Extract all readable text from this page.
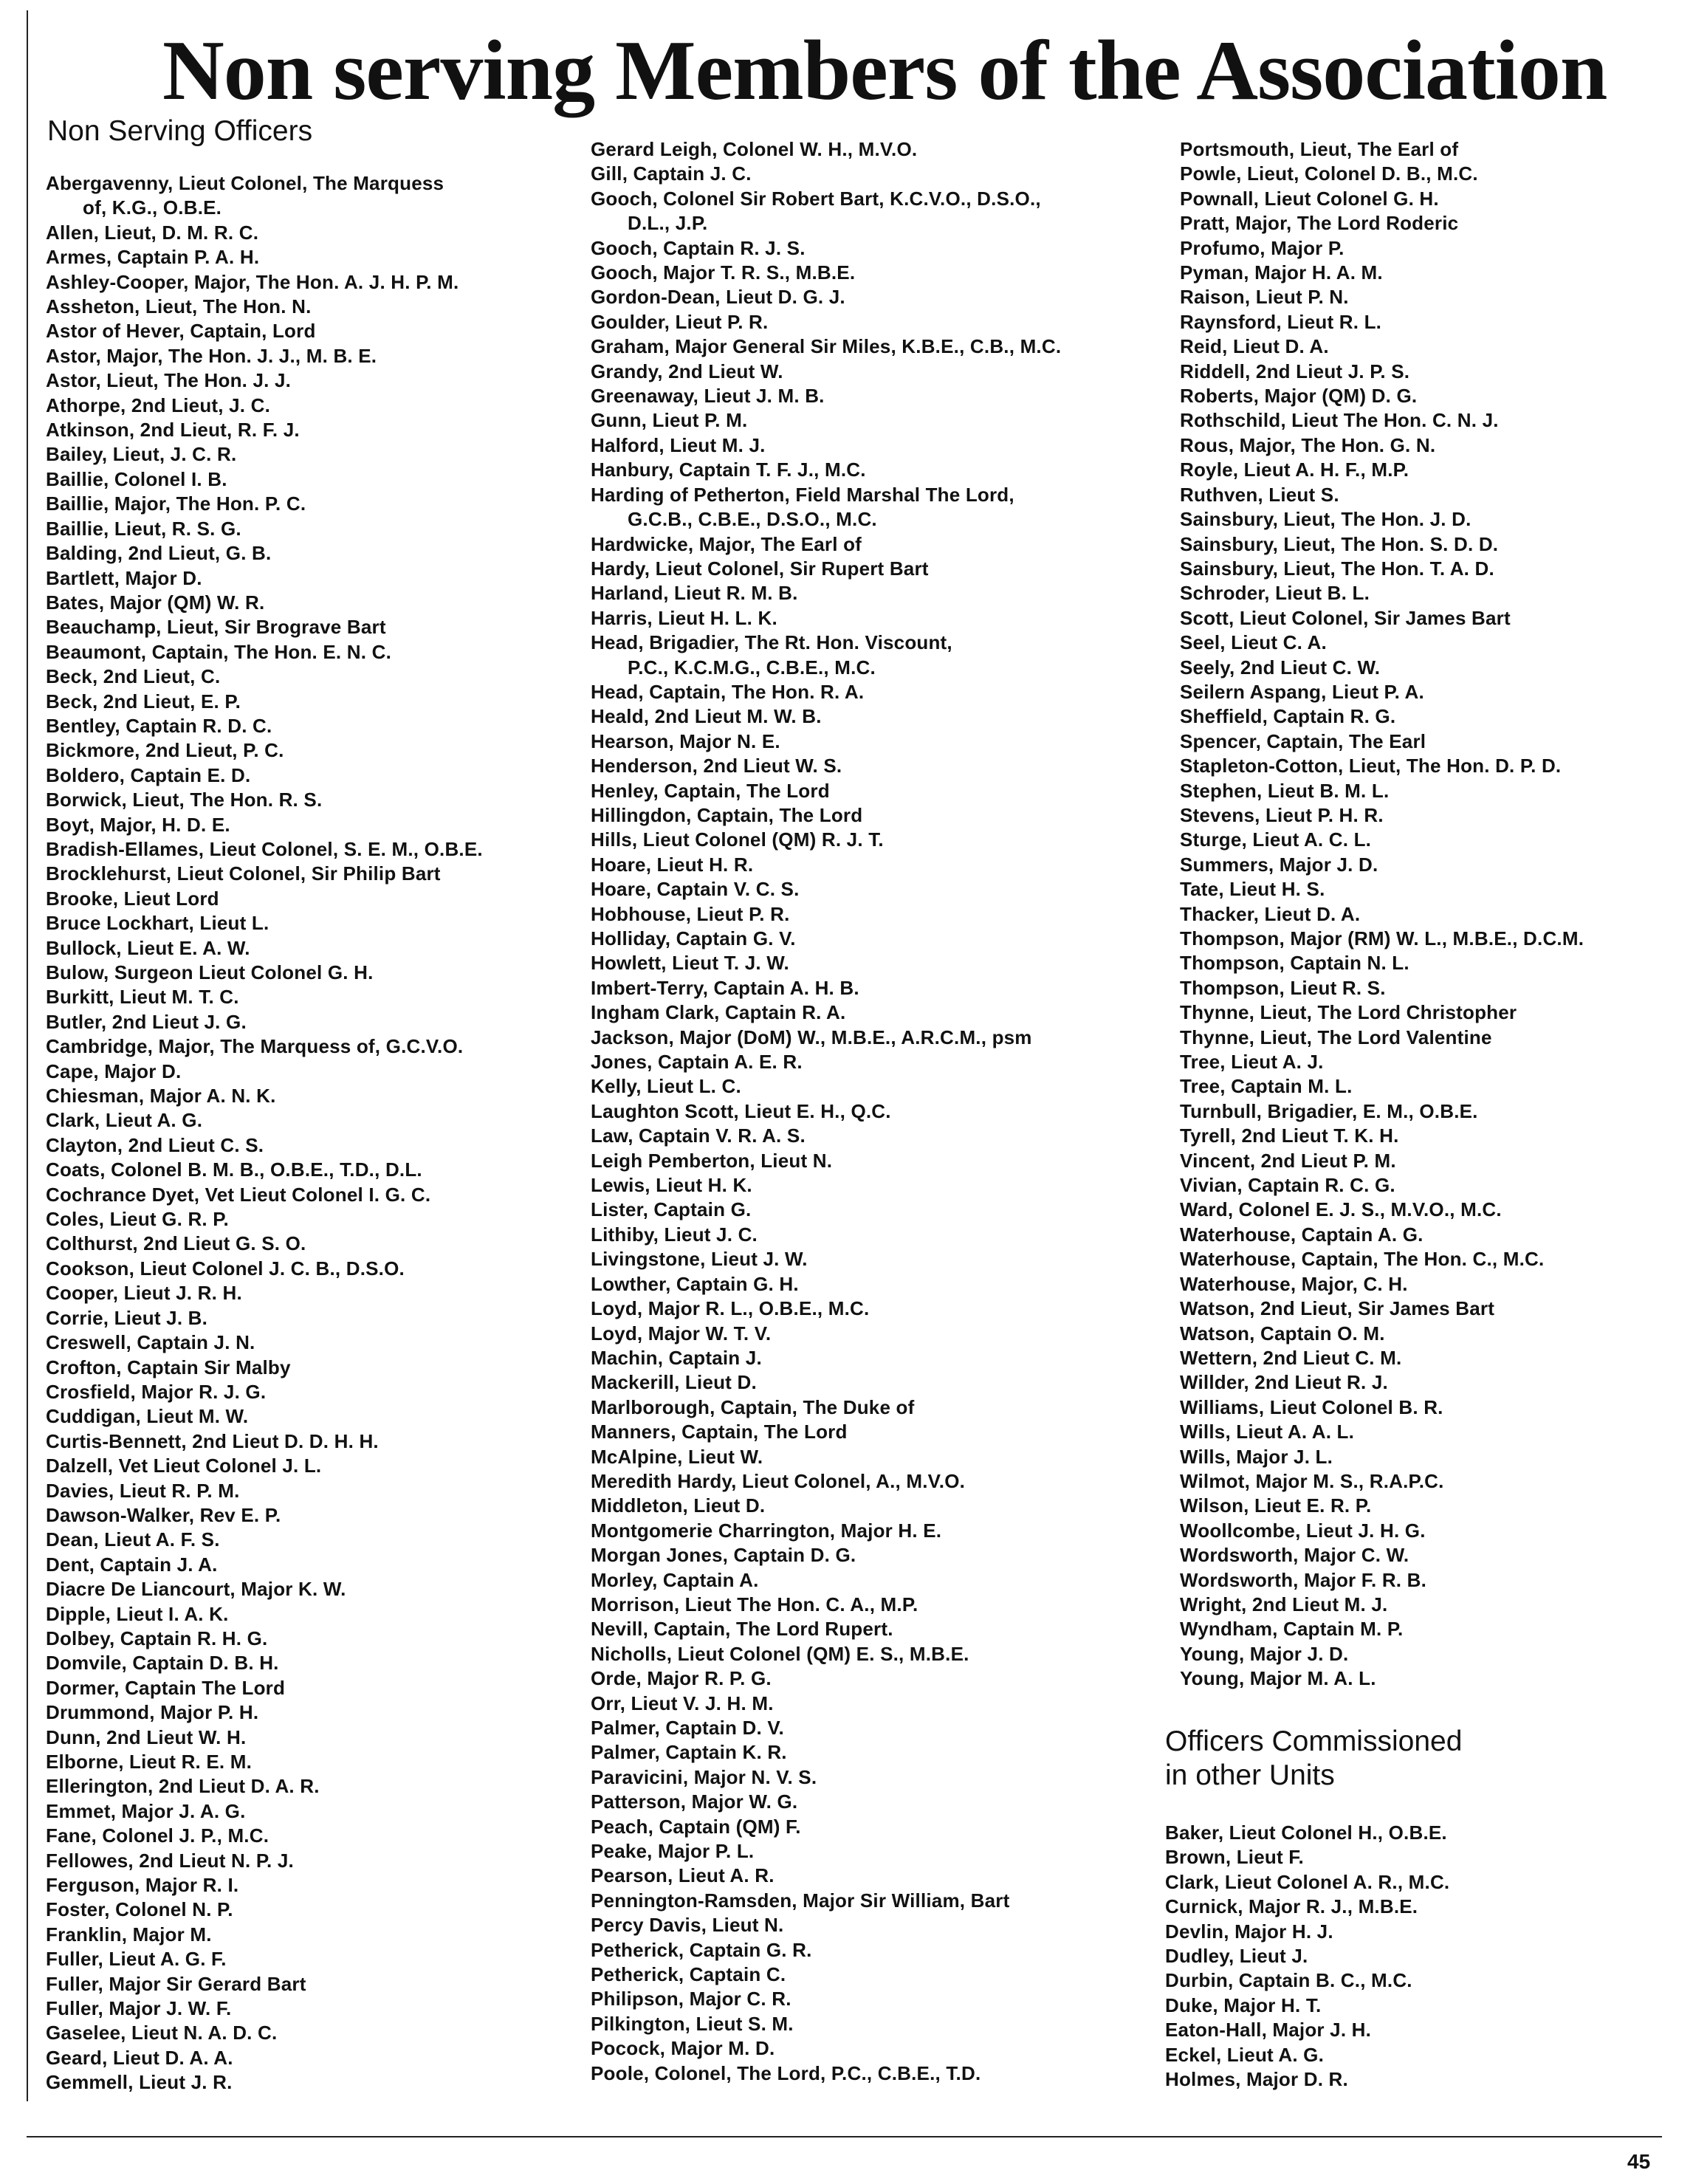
Non serving Members of the Association
Non Serving Officers
Abergavenny, Lieut Colonel, The Marquess
of, K.G., O.B.E.
Allen, Lieut, D. M. R. C.
Armes, Captain P. A. H.
Ashley-Cooper, Major, The Hon. A. J. H. P. M.
Assheton, Lieut, The Hon. N.
Astor of Hever, Captain, Lord
Astor, Major, The Hon. J. J., M. B. E.
Astor, Lieut, The Hon. J. J.
Athorpe, 2nd Lieut, J. C.
Atkinson, 2nd Lieut, R. F. J.
Bailey, Lieut, J. C. R.
Baillie, Colonel I. B.
Baillie, Major, The Hon. P. C.
Baillie, Lieut, R. S. G.
Balding, 2nd Lieut, G. B.
Bartlett, Major D.
Bates, Major (QM) W. R.
Beauchamp, Lieut, Sir Brograve Bart
Beaumont, Captain, The Hon. E. N. C.
Beck, 2nd Lieut, C.
Beck, 2nd Lieut, E. P.
Bentley, Captain R. D. C.
Bickmore, 2nd Lieut, P. C.
Boldero, Captain E. D.
Borwick, Lieut, The Hon. R. S.
Boyt, Major, H. D. E.
Bradish-Ellames, Lieut Colonel, S. E. M., O.B.E.
Brocklehurst, Lieut Colonel, Sir Philip Bart
Brooke, Lieut Lord
Bruce Lockhart, Lieut L.
Bullock, Lieut E. A. W.
Bulow, Surgeon Lieut Colonel G. H.
Burkitt, Lieut M. T. C.
Butler, 2nd Lieut J. G.
Cambridge, Major, The Marquess of, G.C.V.O.
Cape, Major D.
Chiesman, Major A. N. K.
Clark, Lieut A. G.
Clayton, 2nd Lieut C. S.
Coats, Colonel B. M. B., O.B.E., T.D., D.L.
Cochrance Dyet, Vet Lieut Colonel I. G. C.
Coles, Lieut G. R. P.
Colthurst, 2nd Lieut G. S. O.
Cookson, Lieut Colonel J. C. B., D.S.O.
Cooper, Lieut J. R. H.
Corrie, Lieut J. B.
Creswell, Captain J. N.
Crofton, Captain Sir Malby
Crosfield, Major R. J. G.
Cuddigan, Lieut M. W.
Curtis-Bennett, 2nd Lieut D. D. H. H.
Dalzell, Vet Lieut Colonel J. L.
Davies, Lieut R. P. M.
Dawson-Walker, Rev E. P.
Dean, Lieut A. F. S.
Dent, Captain J. A.
Diacre De Liancourt, Major K. W.
Dipple, Lieut I. A. K.
Dolbey, Captain R. H. G.
Domvile, Captain D. B. H.
Dormer, Captain The Lord
Drummond, Major P. H.
Dunn, 2nd Lieut W. H.
Elborne, Lieut R. E. M.
Ellerington, 2nd Lieut D. A. R.
Emmet, Major J. A. G.
Fane, Colonel J. P., M.C.
Fellowes, 2nd Lieut N. P. J.
Ferguson, Major R. I.
Foster, Colonel N. P.
Franklin, Major M.
Fuller, Lieut A. G. F.
Fuller, Major Sir Gerard Bart
Fuller, Major J. W. F.
Gaselee, Lieut N. A. D. C.
Geard, Lieut D. A. A.
Gemmell, Lieut J. R.
Gerard Leigh, Colonel W. H., M.V.O.
Gill, Captain J. C.
Gooch, Colonel Sir Robert Bart, K.C.V.O., D.S.O.,
D.L., J.P.
Gooch, Captain R. J. S.
Gooch, Major T. R. S., M.B.E.
Gordon-Dean, Lieut D. G. J.
Goulder, Lieut P. R.
Graham, Major General Sir Miles, K.B.E., C.B., M.C.
Grandy, 2nd Lieut W.
Greenaway, Lieut J. M. B.
Gunn, Lieut P. M.
Halford, Lieut M. J.
Hanbury, Captain T. F. J., M.C.
Harding of Petherton, Field Marshal The Lord,
G.C.B., C.B.E., D.S.O., M.C.
Hardwicke, Major, The Earl of
Hardy, Lieut Colonel, Sir Rupert Bart
Harland, Lieut R. M. B.
Harris, Lieut H. L. K.
Head, Brigadier, The Rt. Hon. Viscount,
P.C., K.C.M.G., C.B.E., M.C.
Head, Captain, The Hon. R. A.
Heald, 2nd Lieut M. W. B.
Hearson, Major N. E.
Henderson, 2nd Lieut W. S.
Henley, Captain, The Lord
Hillingdon, Captain, The Lord
Hills, Lieut Colonel (QM) R. J. T.
Hoare, Lieut H. R.
Hoare, Captain V. C. S.
Hobhouse, Lieut P. R.
Holliday, Captain G. V.
Howlett, Lieut T. J. W.
Imbert-Terry, Captain A. H. B.
Ingham Clark, Captain R. A.
Jackson, Major (DoM) W., M.B.E., A.R.C.M., psm
Jones, Captain A. E. R.
Kelly, Lieut L. C.
Laughton Scott, Lieut E. H., Q.C.
Law, Captain V. R. A. S.
Leigh Pemberton, Lieut N.
Lewis, Lieut H. K.
Lister, Captain G.
Lithiby, Lieut J. C.
Livingstone, Lieut J. W.
Lowther, Captain G. H.
Loyd, Major R. L., O.B.E., M.C.
Loyd, Major W. T. V.
Machin, Captain J.
Mackerill, Lieut D.
Marlborough, Captain, The Duke of
Manners, Captain, The Lord
McAlpine, Lieut W.
Meredith Hardy, Lieut Colonel, A., M.V.O.
Middleton, Lieut D.
Montgomerie Charrington, Major H. E.
Morgan Jones, Captain D. G.
Morley, Captain A.
Morrison, Lieut The Hon. C. A., M.P.
Nevill, Captain, The Lord Rupert.
Nicholls, Lieut Colonel (QM) E. S., M.B.E.
Orde, Major R. P. G.
Orr, Lieut V. J. H. M.
Palmer, Captain D. V.
Palmer, Captain K. R.
Paravicini, Major N. V. S.
Patterson, Major W. G.
Peach, Captain (QM) F.
Peake, Major P. L.
Pearson, Lieut A. R.
Pennington-Ramsden, Major Sir William, Bart
Percy Davis, Lieut N.
Petherick, Captain G. R.
Petherick, Captain C.
Philipson, Major C. R.
Pilkington, Lieut S. M.
Pocock, Major M. D.
Poole, Colonel, The Lord, P.C., C.B.E., T.D.
Portsmouth, Lieut, The Earl of
Powle, Lieut, Colonel D. B., M.C.
Pownall, Lieut Colonel G. H.
Pratt, Major, The Lord Roderic
Profumo, Major P.
Pyman, Major H. A. M.
Raison, Lieut P. N.
Raynsford, Lieut R. L.
Reid, Lieut D. A.
Riddell, 2nd Lieut J. P. S.
Roberts, Major (QM) D. G.
Rothschild, Lieut The Hon. C. N. J.
Rous, Major, The Hon. G. N.
Royle, Lieut A. H. F., M.P.
Ruthven, Lieut S.
Sainsbury, Lieut, The Hon. J. D.
Sainsbury, Lieut, The Hon. S. D. D.
Sainsbury, Lieut, The Hon. T. A. D.
Schroder, Lieut B. L.
Scott, Lieut Colonel, Sir James Bart
Seel, Lieut C. A.
Seely, 2nd Lieut C. W.
Seilern Aspang, Lieut P. A.
Sheffield, Captain R. G.
Spencer, Captain, The Earl
Stapleton-Cotton, Lieut, The Hon. D. P. D.
Stephen, Lieut B. M. L.
Stevens, Lieut P. H. R.
Sturge, Lieut A. C. L.
Summers, Major J. D.
Tate, Lieut H. S.
Thacker, Lieut D. A.
Thompson, Major (RM) W. L., M.B.E., D.C.M.
Thompson, Captain N. L.
Thompson, Lieut R. S.
Thynne, Lieut, The Lord Christopher
Thynne, Lieut, The Lord Valentine
Tree, Lieut A. J.
Tree, Captain M. L.
Turnbull, Brigadier, E. M., O.B.E.
Tyrell, 2nd Lieut T. K. H.
Vincent, 2nd Lieut P. M.
Vivian, Captain R. C. G.
Ward, Colonel E. J. S., M.V.O., M.C.
Waterhouse, Captain A. G.
Waterhouse, Captain, The Hon. C., M.C.
Waterhouse, Major, C. H.
Watson, 2nd Lieut, Sir James Bart
Watson, Captain O. M.
Wettern, 2nd Lieut C. M.
Willder, 2nd Lieut R. J.
Williams, Lieut Colonel B. R.
Wills, Lieut A. A. L.
Wills, Major J. L.
Wilmot, Major M. S., R.A.P.C.
Wilson, Lieut E. R. P.
Woollcombe, Lieut J. H. G.
Wordsworth, Major C. W.
Wordsworth, Major F. R. B.
Wright, 2nd Lieut M. J.
Wyndham, Captain M. P.
Young, Major J. D.
Young, Major M. A. L.
Officers Commissioned
in other Units
Baker, Lieut Colonel H., O.B.E.
Brown, Lieut F.
Clark, Lieut Colonel A. R., M.C.
Curnick, Major R. J., M.B.E.
Devlin, Major H. J.
Dudley, Lieut J.
Durbin, Captain B. C., M.C.
Duke, Major H. T.
Eaton-Hall, Major J. H.
Eckel, Lieut A. G.
Holmes, Major D. R.
45
